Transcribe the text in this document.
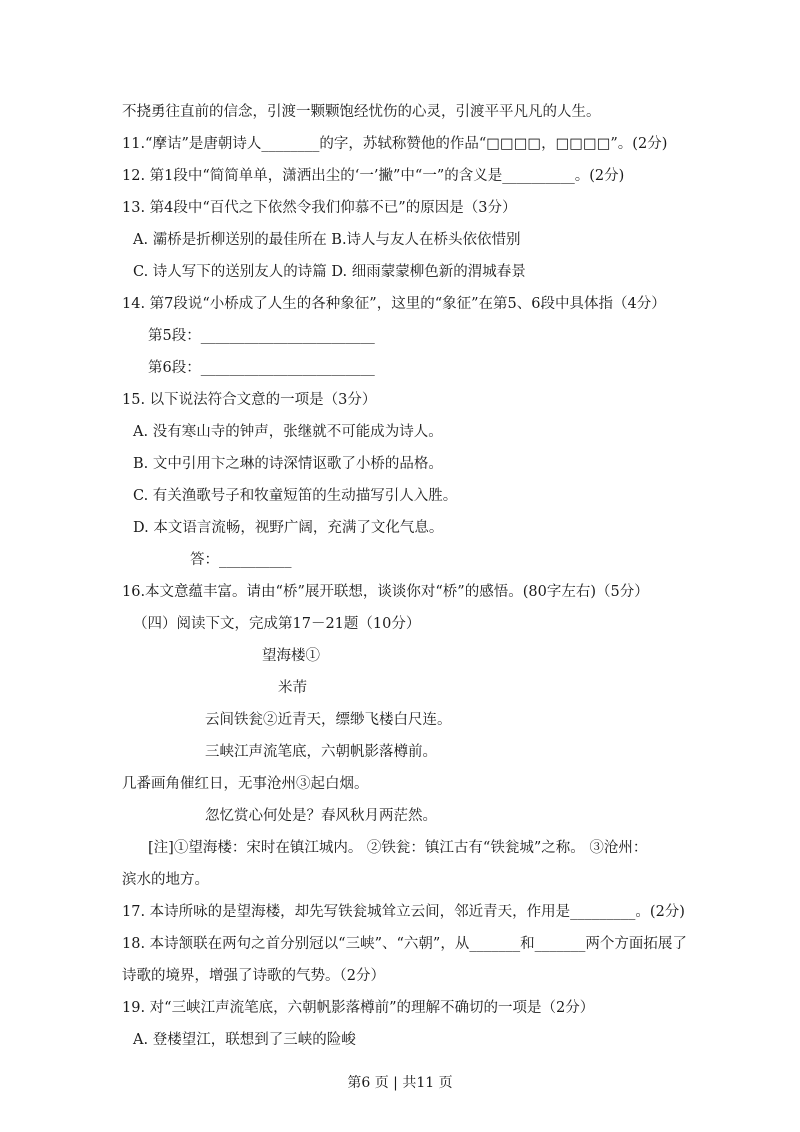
不挠勇往直前的信念，引渡一颗颗饱经忧伤的心灵，引渡平平凡凡的人生。
11.“摩诘”是唐朝诗人________的字，苏轼称赞他的作品“□□□□，□□□□”。(2分)
12. 第1段中“简简单单，潇洒出尘的‘一’撇”中“一”的含义是__________。(2分)
13. 第4段中“百代之下依然令我们仰慕不已”的原因是（3分）
A. 灞桥是折柳送别的最佳所在 B.诗人与友人在桥头依依惜别
C. 诗人写下的送别友人的诗篇 D. 细雨蒙蒙柳色新的渭城春景
14. 第7段说“小桥成了人生的各种象征”，这里的“象征”在第5、6段中具体指（4分）
第5段：________________________
第6段：________________________
15. 以下说法符合文意的一项是（3分）
A. 没有寒山寺的钟声，张继就不可能成为诗人。
B. 文中引用卞之琳的诗深情讴歌了小桥的品格。
C. 有关渔歌号子和牧童短笛的生动描写引人入胜。
D. 本文语言流畅，视野广阔，充满了文化气息。
答：__________
16.本文意蕴丰富。请由“桥”展开联想，谈谈你对“桥”的感悟。(80字左右)（5分）
（四）阅读下文，完成第17－21题（10分）
望海楼①
米芾
云间铁瓮②近青天，缥缈飞楼白尺连。
三峡江声流笔底，六朝帆影落樽前。
几番画角催红日，无事沧州③起白烟。
忽忆赏心何处是？春风秋月两茫然。
[注]①望海楼：宋时在镇江城内。 ②铁瓮：镇江古有“铁瓮城”之称。 ③沧州：
滨水的地方。
17. 本诗所咏的是望海楼，却先写铁瓮城耸立云间，邻近青天，作用是_________。(2分)
18. 本诗颔联在两句之首分别冠以“三峡”、“六朝”，从_______和_______两个方面拓展了
诗歌的境界，增强了诗歌的气势。（2分）
19. 对“三峡江声流笔底，六朝帆影落樽前”的理解不确切的一项是（2分）
A. 登楼望江，联想到了三峡的险峻
第6 页 | 共11 页
